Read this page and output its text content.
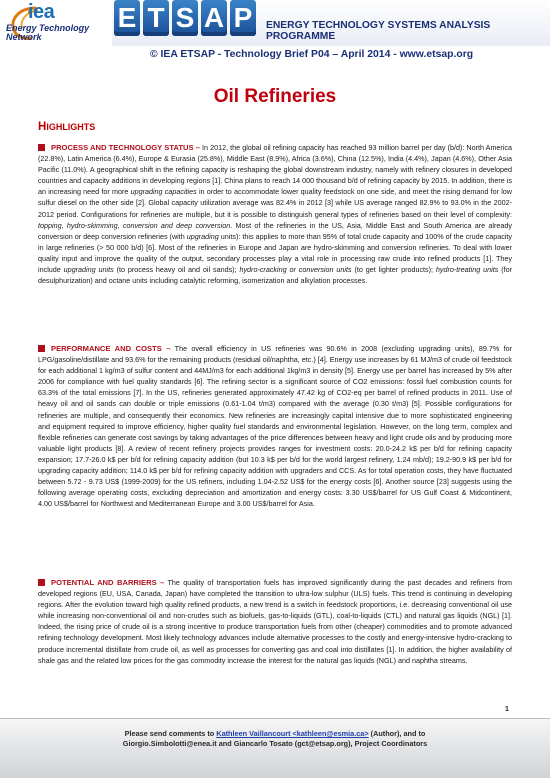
iea
Energy Technology
Network
E T S A P	ENERGY TECHNOLOGY SYSTEMS ANALYSIS PROGRAMME
© IEA ETSAP - Technology Brief P04 – April 2014 - www.etsap.org
Oil Refineries
HIGHLIGHTS
PROCESS AND TECHNOLOGY STATUS – In 2012, the global oil refining capacity has reached 93 million barrel per day (b/d): North America (22.8%), Latin America (6.4%), Europe & Eurasia (25.8%), Middle East (8.9%), Africa (3.6%), China (12.5%), India (4.4%), Japan (4.6%), Other Asia Pacific (11.0%). A geographical shift in the refining capacity is reshaping the global downstream industry, namely with refinery closures in developed countries and capacity additions in developing regions [1]. China plans to reach 14 000 thousand b/d of refining capacity by 2015. In addition, there is an increasing need for more upgrading capacities in order to accommodate lower quality feedstock on one side, and meet the rising demand for low sulfur diesel on the other side [2]. Global capacity utilization average was 82.4% in 2012 [3] while US average ranged 82.9% to 93.0% in the 2002-2012 period. Configurations for refineries are multiple, but it is possible to distinguish general types of refineries based on their level of complexity: topping, hydro-skimming, conversion and deep conversion. Most of the refineries in the US, Asia, Middle East and South America are already conversion or deep conversion refineries (with upgrading units): this applies to more than 95% of total crude capacity and 100% of the crude capacity in large refineries (> 50 000 b/d) [6]. Most of the refineries in Europe and Japan are hydro-skimming and conversion refineries. To deal with lower quality input and improve the quality of the output, secondary processes play a vital role in processing raw crude into refined products [1]. They include upgrading units (to process heavy oil and oil sands); hydro-cracking or conversion units (to get lighter products); hydro-treating units (for desulphurization) and octane units including catalytic reforming, isomerization and alkylation processes.
PERFORMANCE AND COSTS – The overall efficiency in US refineries was 90.6% in 2008 (excluding upgrading units), 89.7% for LPG/gasoline/distillate and 93.6% for the remaining products (residual oil/naphtha, etc.) [4]. Energy use increases by 61 MJ/m3 of crude oil feedstock for each additional 1 kg/m3 of sulfur content and 44MJ/m3 for each additional 1kg/m3 in density [5]. Energy use per barrel has increased by 5% after 2006 for compliance with fuel quality standards [6]. The refining sector is a significant source of CO2 emissions: fossil fuel combustion counts for 63.3% of the total emissions [7]. In the US, refineries generated approximately 47.42 kg of CO2-eq per barrel of refined products in 2011. Use of heavy oil and oil sands can double or triple emissions (0.61-1.04 t/m3) compared with the average (0.30 t/m3) [5]. Possible configurations for refineries are multiple, and consequently their economics. New refineries are increasingly capital intensive due to more sophisticated engineering and equipment required to improve efficiency, higher quality fuel standards and environmental legislation. However, on the long term, complex and flexible refineries can generate cost savings by taking advantages of the price differences between heavy and light crude oils and by producing more valuable light products [8]. A review of recent refinery projects provides ranges for investment costs: 20.0-24.2 k$ per b/d for refining capacity expansion; 17.7-26.0 k$ per b/d for refining capacity addition (but 10.3 k$ per b/d for the world largest refinery, 1.24 mb/d); 19.2-90.9 k$ per b/d for upgrading capacity addition; 114.0 k$ per b/d for refining capacity addition with upgraders and CCS. As for total operation costs, they have fluctuated between 5.72 - 9.73 US$ (1999-2009) for the US refiners, including 1.04-2.52 US$ for the energy costs [6]. Another source [23] suggests using the following average operating costs, excluding depreciation and amortization and energy costs: 3.30 US$/barrel for US Gulf Coast & Midcontinent, 4.00 US$/barrel for Northwest and Mediterranean Europe and 3.00 US$/barrel for Asia.
POTENTIAL AND BARRIERS – The quality of transportation fuels has improved significantly during the past decades and refiners from developed regions (EU, USA, Canada, Japan) have completed the transition to ultra-low sulphur (ULS) fuels. This trend is continuing in developing regions. After the evolution toward high quality refined products, a new trend is a switch in feedstock proportions, i.e. decreasing conventional oil use while increasing non-conventional oil and non-crudes such as biofuels, gas-to-liquids (GTL), coal-to-liquids (CTL) and natural gas liquids (NGL) [1]. Indeed, the rising price of crude oil is a strong incentive to produce transportation fuels from other (cheaper) commodities and to promote advanced refining technology development. Most likely technology advances include alternative processes to the costly and energy-intensive hydro-cracking to produce incremental distillate from crude oil, as well as processes for converting gas and coal into distillates [1]. In addition, the higher availability of shale gas and the related low prices for the gas commodity increase the interest for the natural gas liquids (NGL) and naphtha streams.
1
Please send comments to Kathleen Vaillancourt <kathleen@esmia.ca> (Author), and to
Giorgio.Simbolotti@enea.it and Giancarlo Tosato (gct@etsap.org), Project Coordinators
